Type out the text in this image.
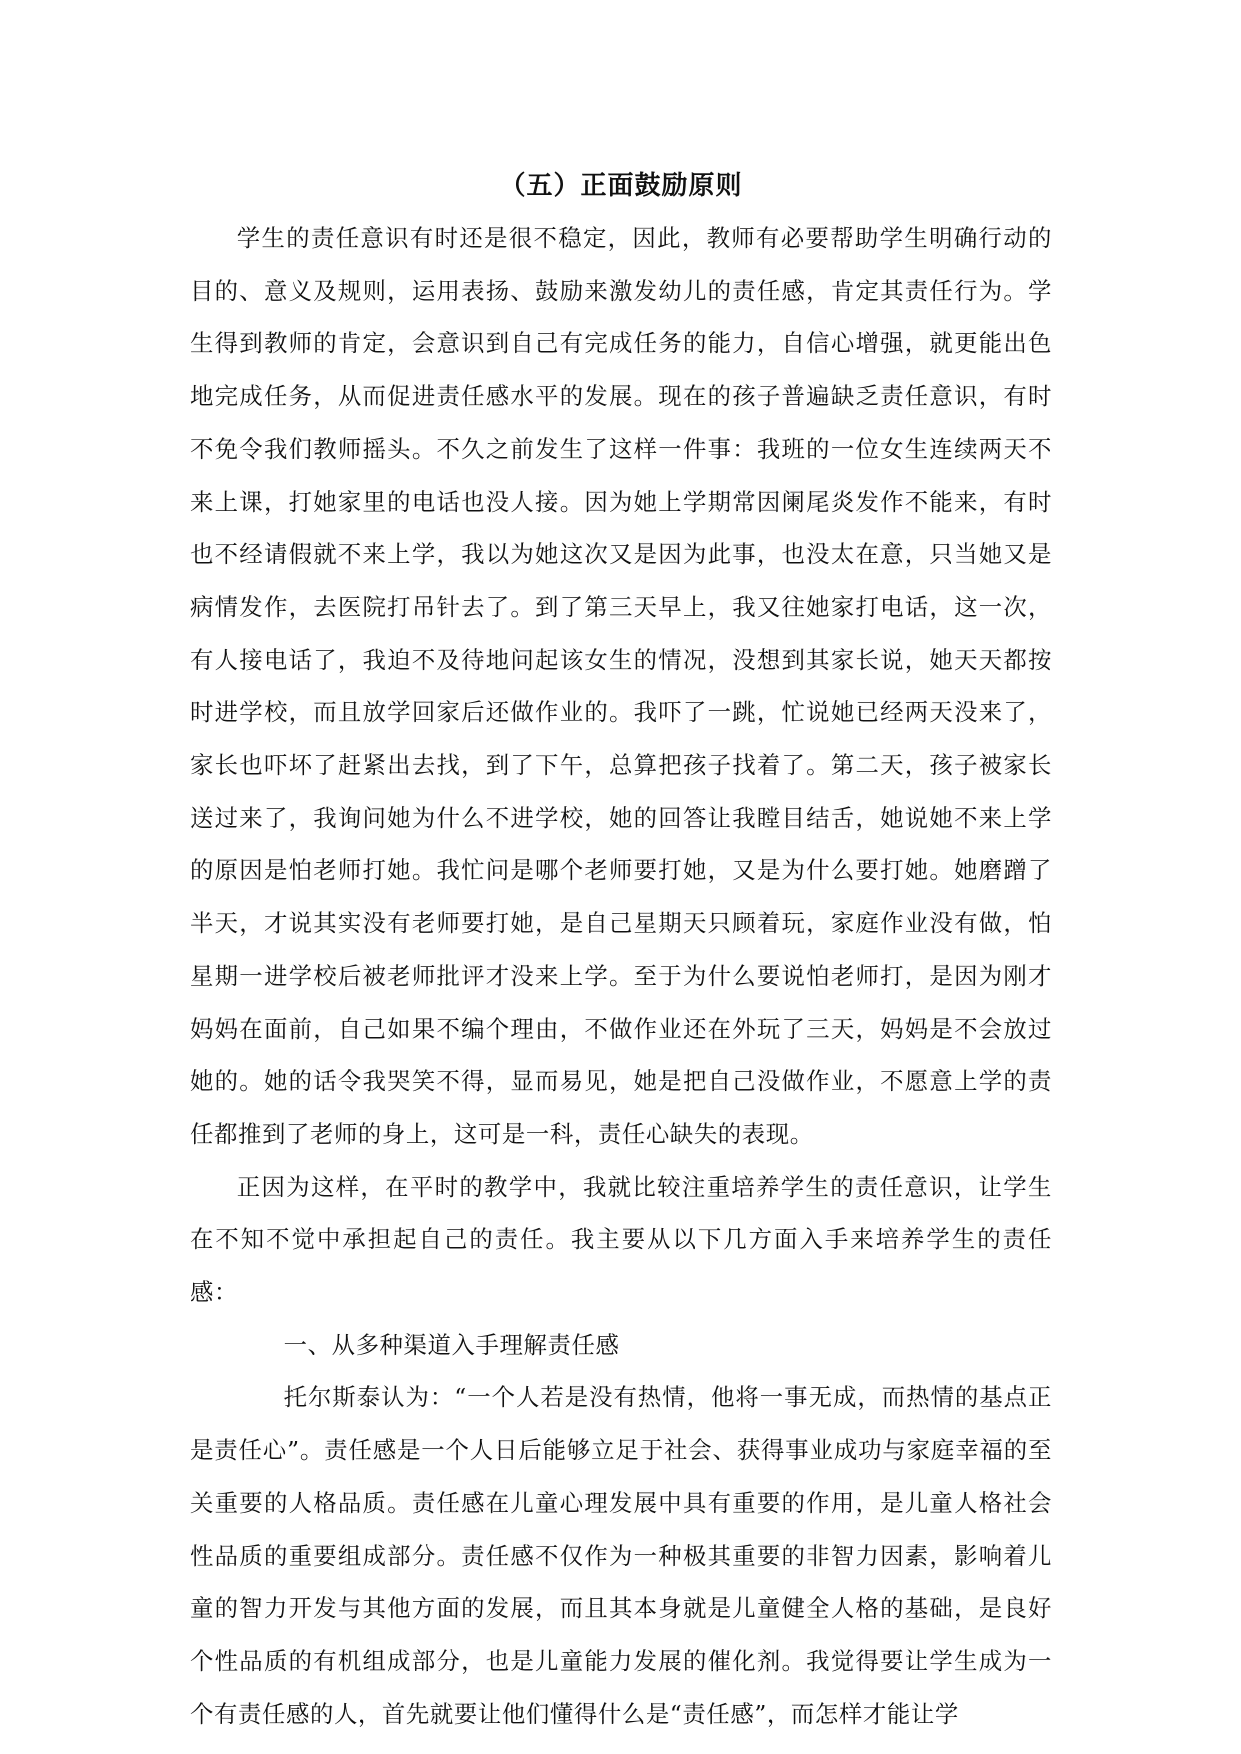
（五）正面鼓励原则

学生的责任意识有时还是很不稳定，因此，教师有必要帮助学生明确行动的目的、意义及规则，运用表扬、鼓励来激发幼儿的责任感，肯定其责任行为。学生得到教师的肯定，会意识到自己有完成任务的能力，自信心增强，就更能出色地完成任务，从而促进责任感水平的发展。现在的孩子普遍缺乏责任意识，有时不免令我们教师摇头。不久之前发生了这样一件事：我班的一位女生连续两天不来上课，打她家里的电话也没人接。因为她上学期常因阑尾炎发作不能来，有时也不经请假就不来上学，我以为她这次又是因为此事，也没太在意，只当她又是病情发作，去医院打吊针去了。到了第三天早上，我又往她家打电话，这一次，有人接电话了，我迫不及待地问起该女生的情况，没想到其家长说，她天天都按时进学校，而且放学回家后还做作业的。我吓了一跳，忙说她已经两天没来了，家长也吓坏了赶紧出去找，到了下午，总算把孩子找着了。第二天，孩子被家长送过来了，我询问她为什么不进学校，她的回答让我瞠目结舌，她说她不来上学的原因是怕老师打她。我忙问是哪个老师要打她，又是为什么要打她。她磨蹭了半天，才说其实没有老师要打她，是自己星期天只顾着玩，家庭作业没有做，怕星期一进学校后被老师批评才没来上学。至于为什么要说怕老师打，是因为刚才妈妈在面前，自己如果不编个理由，不做作业还在外玩了三天，妈妈是不会放过她的。她的话令我哭笑不得，显而易见，她是把自己没做作业，不愿意上学的责任都推到了老师的身上，这可是一科，责任心缺失的表现。

正因为这样，在平时的教学中，我就比较注重培养学生的责任意识，让学生在不知不觉中承担起自己的责任。我主要从以下几方面入手来培养学生的责任感：

一、从多种渠道入手理解责任感

托尔斯泰认为：“一个人若是没有热情，他将一事无成，而热情的基点正是责任心”。责任感是一个人日后能够立足于社会、获得事业成功与家庭幸福的至关重要的人格品质。责任感在儿童心理发展中具有重要的作用，是儿童人格社会性品质的重要组成部分。责任感不仅作为一种极其重要的非智力因素，影响着儿童的智力开发与其他方面的发展，而且其本身就是儿童健全人格的基础，是良好个性品质的有机组成部分，也是儿童能力发展的催化剂。我觉得要让学生成为一个有责任感的人，首先就要让他们懂得什么是“责任感”，而怎样才能让学
